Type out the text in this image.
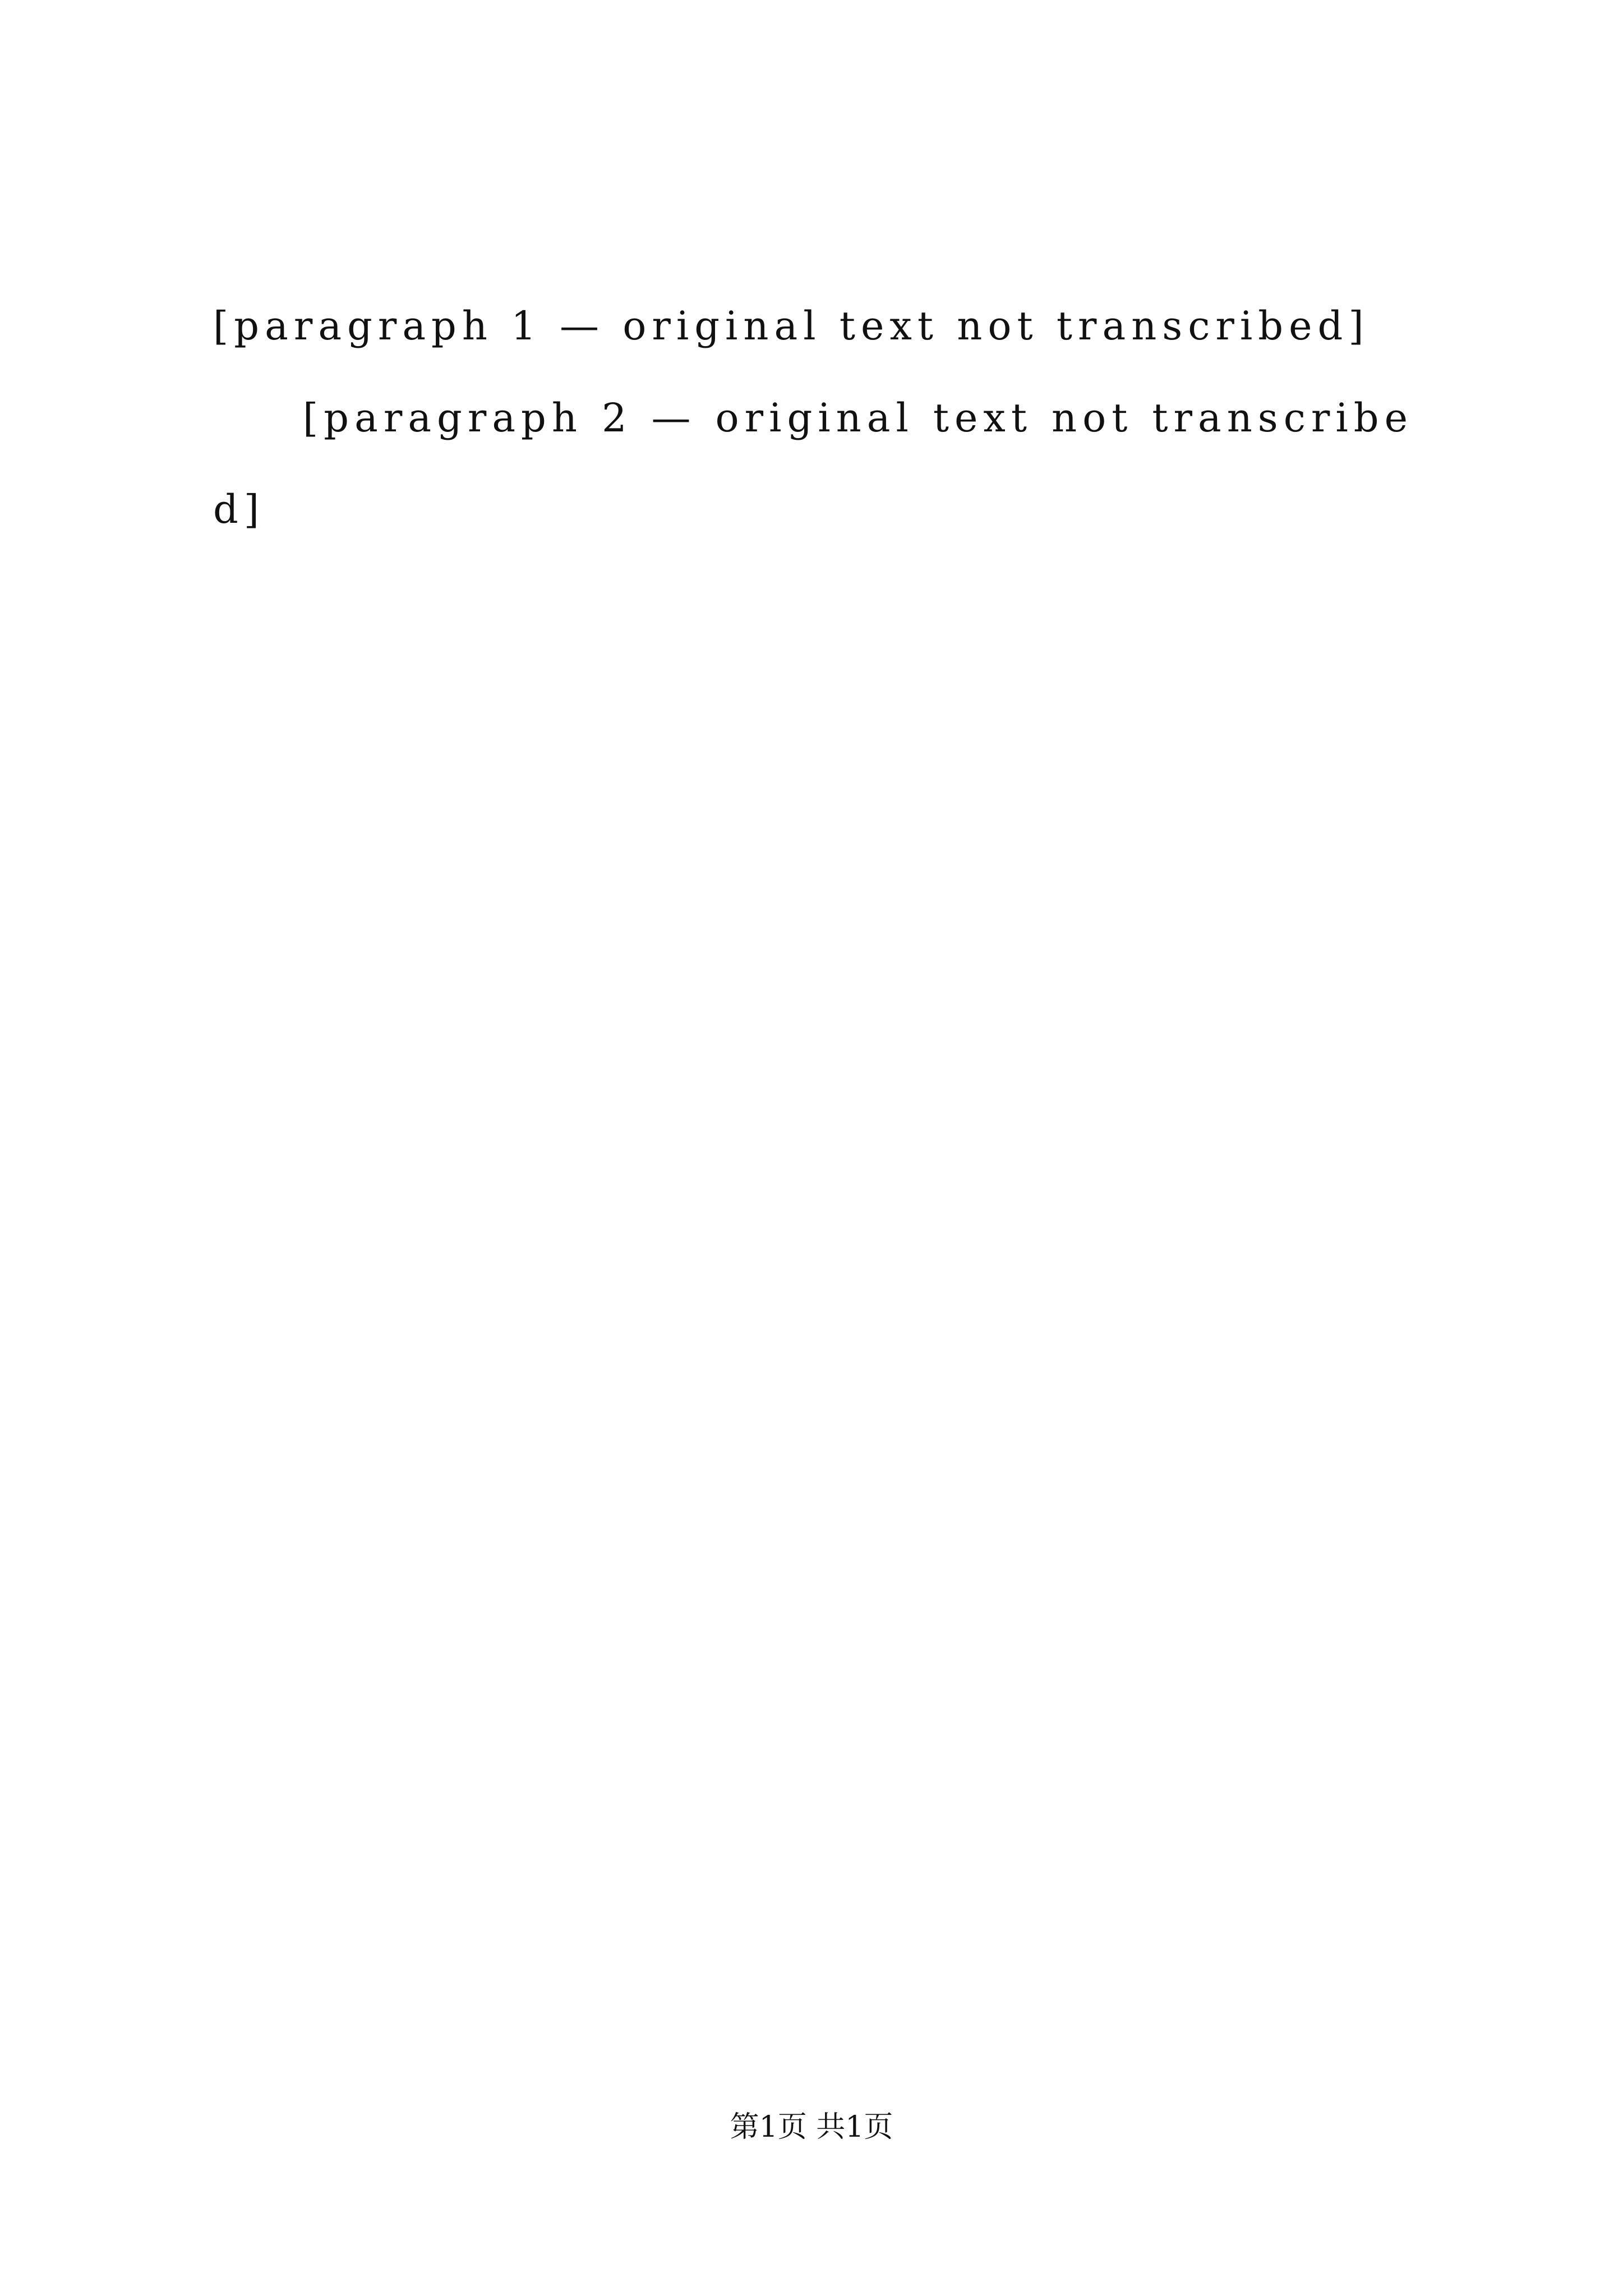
[paragraph 1 — original text not transcribed]

[paragraph 2 — original text not transcribed]

第1页 共1页
